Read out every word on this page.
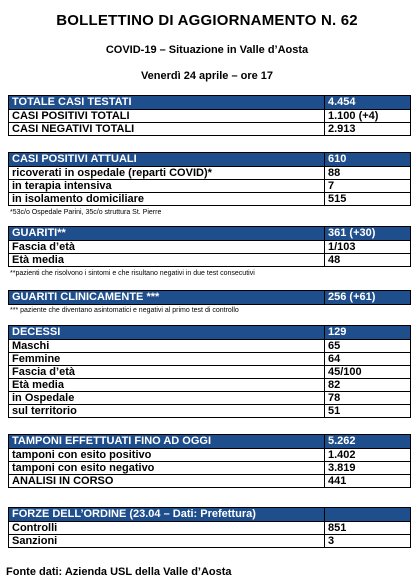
BOLLETTINO DI AGGIORNAMENTO N. 62
COVID-19 – Situazione in Valle d’Aosta
Venerdì 24 aprile – ore 17
TOTALE CASI TESTATI	4.454
CASI POSITIVI TOTALI	1.100 (+4)
CASI NEGATIVI TOTALI	2.913
CASI POSITIVI ATTUALI	610
ricoverati in ospedale (reparti COVID)*	88
in terapia intensiva	7
in isolamento domiciliare	515
*53c/o Ospedale Parini, 35c/o struttura St. Pierre
GUARITI**	361 (+30)
Fascia d’età	1/103
Età media	48
**pazienti che risolvono i sintomi e che risultano negativi in due test consecutivi
GUARITI CLINICAMENTE ***	256 (+61)
*** paziente che diventano asintomatici e negativi al primo test di controllo
DECESSI	129
Maschi	65
Femmine	64
Fascia d’età	45/100
Età media	82
in Ospedale	78
sul territorio	51
TAMPONI EFFETTUATI FINO AD OGGI	5.262
tamponi con esito positivo	1.402
tamponi con esito negativo	3.819
ANALISI IN CORSO	441
FORZE DELL’ORDINE (23.04 – Dati: Prefettura)	
Controlli	851
Sanzioni	3
Fonte dati: Azienda USL della Valle d’Aosta
